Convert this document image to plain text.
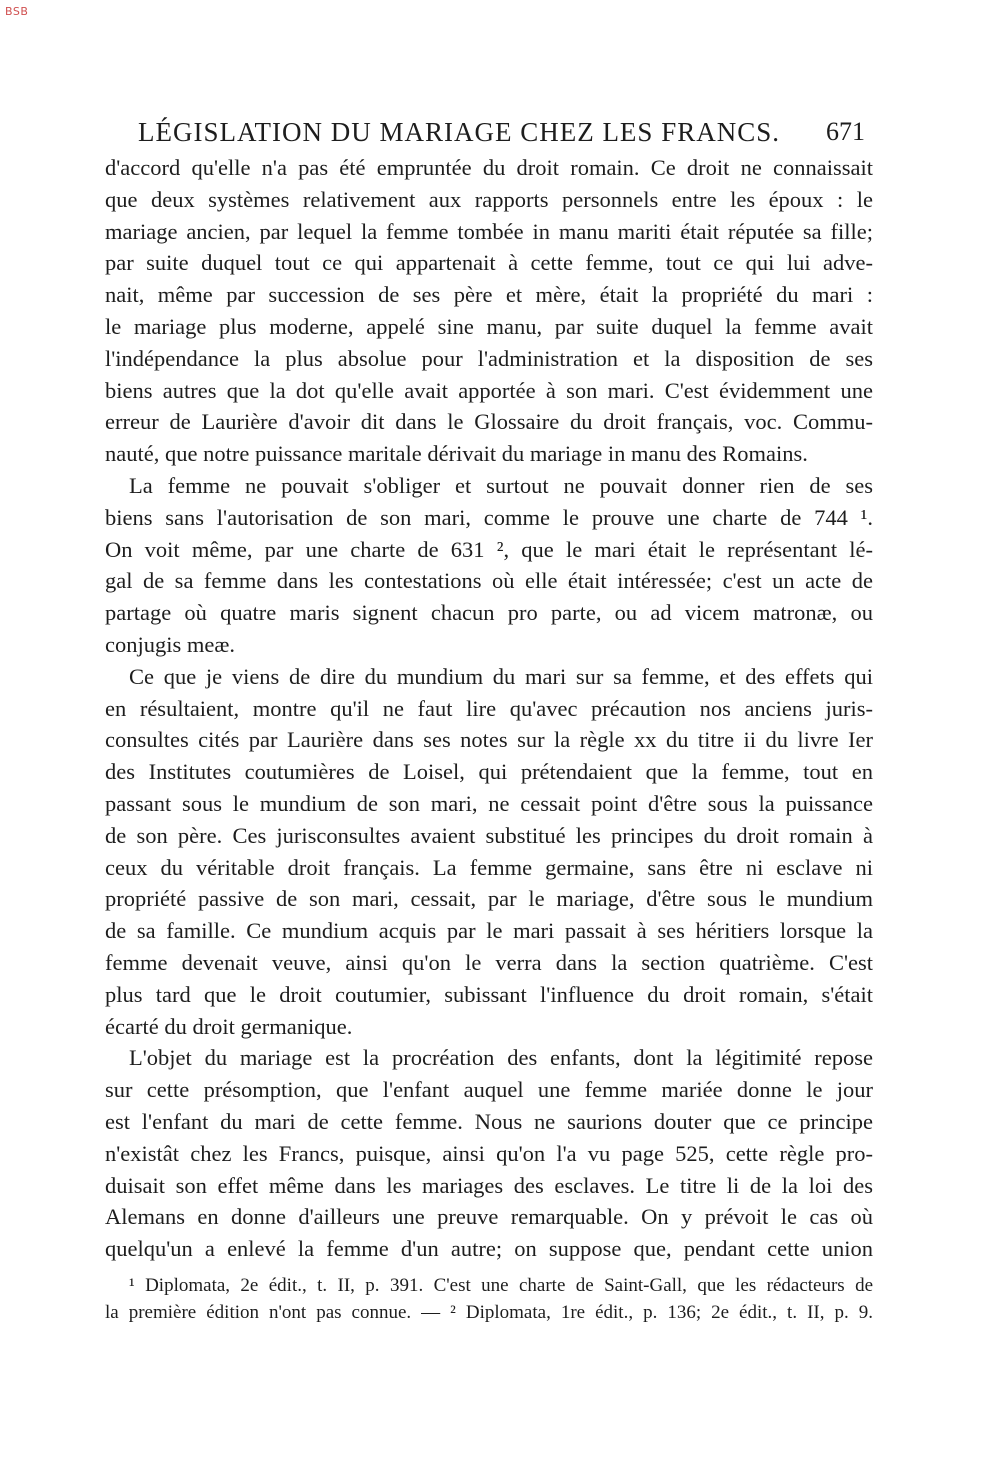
BSB
LÉGISLATION DU MARIAGE CHEZ LES FRANCS. 671
d'accord qu'elle n'a pas été empruntée du droit romain. Ce droit ne connaissait
que deux systèmes relativement aux rapports personnels entre les époux : le
mariage ancien, par lequel la femme tombée in manu mariti était réputée sa fille;
par suite duquel tout ce qui appartenait à cette femme, tout ce qui lui adve-
nait, même par succession de ses père et mère, était la propriété du mari :
le mariage plus moderne, appelé sine manu, par suite duquel la femme avait
l'indépendance la plus absolue pour l'administration et la disposition de ses
biens autres que la dot qu'elle avait apportée à son mari. C'est évidemment une
erreur de Laurière d'avoir dit dans le Glossaire du droit français, voc. Commu-
nauté, que notre puissance maritale dérivait du mariage in manu des Romains.
La femme ne pouvait s'obliger et surtout ne pouvait donner rien de ses
biens sans l'autorisation de son mari, comme le prouve une charte de 744 ¹.
On voit même, par une charte de 631 ², que le mari était le représentant lé-
gal de sa femme dans les contestations où elle était intéressée; c'est un acte de
partage où quatre maris signent chacun pro parte, ou ad vicem matronæ, ou
conjugis meæ.
Ce que je viens de dire du mundium du mari sur sa femme, et des effets qui
en résultaient, montre qu'il ne faut lire qu'avec précaution nos anciens juris-
consultes cités par Laurière dans ses notes sur la règle xx du titre ii du livre Ier
des Institutes coutumières de Loisel, qui prétendaient que la femme, tout en
passant sous le mundium de son mari, ne cessait point d'être sous la puissance
de son père. Ces jurisconsultes avaient substitué les principes du droit romain à
ceux du véritable droit français. La femme germaine, sans être ni esclave ni
propriété passive de son mari, cessait, par le mariage, d'être sous le mundium
de sa famille. Ce mundium acquis par le mari passait à ses héritiers lorsque la
femme devenait veuve, ainsi qu'on le verra dans la section quatrième. C'est
plus tard que le droit coutumier, subissant l'influence du droit romain, s'était
écarté du droit germanique.
L'objet du mariage est la procréation des enfants, dont la légitimité repose
sur cette présomption, que l'enfant auquel une femme mariée donne le jour
est l'enfant du mari de cette femme. Nous ne saurions douter que ce principe
n'existât chez les Francs, puisque, ainsi qu'on l'a vu page 525, cette règle pro-
duisait son effet même dans les mariages des esclaves. Le titre li de la loi des
Alemans en donne d'ailleurs une preuve remarquable. On y prévoit le cas où
quelqu'un a enlevé la femme d'un autre; on suppose que, pendant cette union
¹ Diplomata, 2e édit., t. II, p. 391. C'est une charte de Saint-Gall, que les rédacteurs de
la première édition n'ont pas connue. — ² Diplomata, 1re édit., p. 136; 2e édit., t. II, p. 9.
